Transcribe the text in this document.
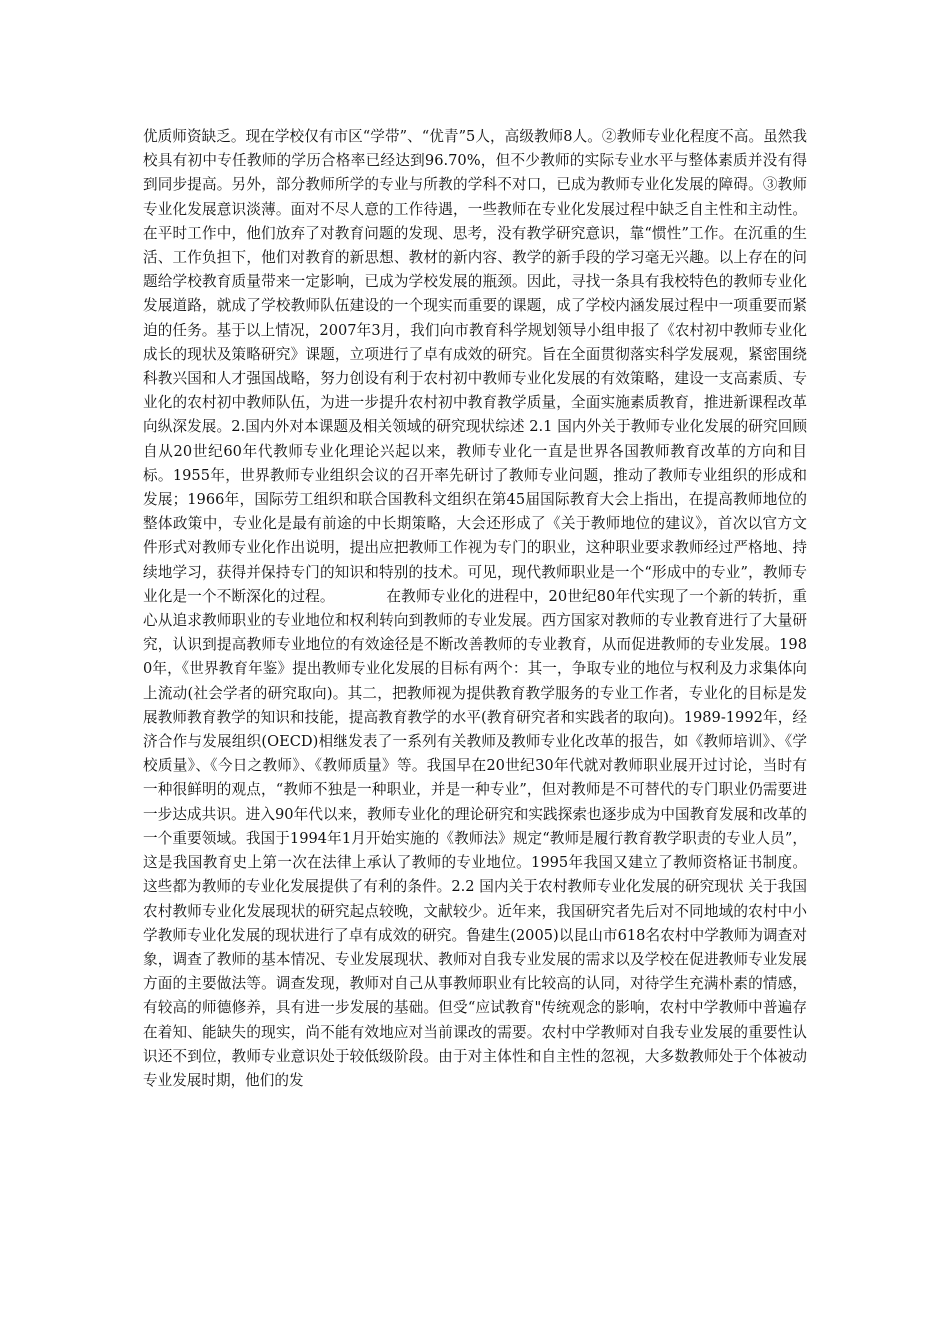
优质师资缺乏。现在学校仅有市区“学带”、“优青”5人，高级教师8人。②教师专业化程度不高。虽然我校具有初中专任教师的学历合格率已经达到96.70%，但不少教师的实际专业水平与整体素质并没有得到同步提高。另外，部分教师所学的专业与所教的学科不对口，已成为教师专业化发展的障碍。③教师专业化发展意识淡薄。面对不尽人意的工作待遇，一些教师在专业化发展过程中缺乏自主性和主动性。在平时工作中，他们放弃了对教育问题的发现、思考，没有教学研究意识，靠“惯性”工作。在沉重的生活、工作负担下，他们对教育的新思想、教材的新内容、教学的新手段的学习毫无兴趣。以上存在的问题给学校教育质量带来一定影响，已成为学校发展的瓶颈。因此，寻找一条具有我校特色的教师专业化发展道路，就成了学校教师队伍建设的一个现实而重要的课题，成了学校内涵发展过程中一项重要而紧迫的任务。基于以上情况，2007年3月，我们向市教育科学规划领导小组申报了《农村初中教师专业化成长的现状及策略研究》课题，立项进行了卓有成效的研究。旨在全面贯彻落实科学发展观，紧密围绕科教兴国和人才强国战略，努力创设有利于农村初中教师专业化发展的有效策略，建设一支高素质、专业化的农村初中教师队伍，为进一步提升农村初中教育教学质量，全面实施素质教育，推进新课程改革向纵深发展。2.国内外对本课题及相关领域的研究现状综述 2.1 国内外关于教师专业化发展的研究回顾 自从20世纪60年代教师专业化理论兴起以来，教师专业化一直是世界各国教师教育改革的方向和目标。1955年，世界教师专业组织会议的召开率先研讨了教师专业问题，推动了教师专业组织的形成和发展；1966年，国际劳工组织和联合国教科文组织在第45届国际教育大会上指出，在提高教师地位的整体政策中，专业化是最有前途的中长期策略，大会还形成了《关于教师地位的建议》，首次以官方文件形式对教师专业化作出说明，提出应把教师工作视为专门的职业，这种职业要求教师经过严格地、持续地学习，获得并保持专门的知识和特别的技术。可见，现代教师职业是一个“形成中的专业”，教师专业化是一个不断深化的过程。　　　　在教师专业化的进程中，20世纪80年代实现了一个新的转折，重心从追求教师职业的专业地位和权利转向到教师的专业发展。西方国家对教师的专业教育进行了大量研究，认识到提高教师专业地位的有效途径是不断改善教师的专业教育，从而促进教师的专业发展。1980年，《世界教育年鉴》提出教师专业化发展的目标有两个：其一，争取专业的地位与权利及力求集体向上流动(社会学者的研究取向)。其二，把教师视为提供教育教学服务的专业工作者，专业化的目标是发展教师教育教学的知识和技能，提高教育教学的水平(教育研究者和实践者的取向)。1989-1992年，经济合作与发展组织(OECD)相继发表了一系列有关教师及教师专业化改革的报告，如《教师培训》、《学校质量》、《今日之教师》、《教师质量》等。我国早在20世纪30年代就对教师职业展开过讨论，当时有一种很鲜明的观点，“教师不独是一种职业，并是一种专业”，但对教师是不可替代的专门职业仍需要进一步达成共识。进入90年代以来，教师专业化的理论研究和实践探索也逐步成为中国教育发展和改革的一个重要领域。我国于1994年1月开始实施的《教师法》规定“教师是履行教育教学职责的专业人员”，这是我国教育史上第一次在法律上承认了教师的专业地位。1995年我国又建立了教师资格证书制度。这些都为教师的专业化发展提供了有利的条件。2.2 国内关于农村教师专业化发展的研究现状 关于我国农村教师专业化发展现状的研究起点较晚，文献较少。近年来，我国研究者先后对不同地域的农村中小学教师专业化发展的现状进行了卓有成效的研究。鲁建生(2005)以昆山市618名农村中学教师为调查对象，调查了教师的基本情况、专业发展现状、教师对自我专业发展的需求以及学校在促进教师专业发展方面的主要做法等。调查发现，教师对自己从事教师职业有比较高的认同，对待学生充满朴素的情感，有较高的师德修养，具有进一步发展的基础。但受“应试教育"传统观念的影响，农村中学教师中普遍存在着知、能缺失的现实，尚不能有效地应对当前课改的需要。农村中学教师对自我专业发展的重要性认识还不到位，教师专业意识处于较低级阶段。由于对主体性和自主性的忽视，大多数教师处于个体被动专业发展时期，他们的发
